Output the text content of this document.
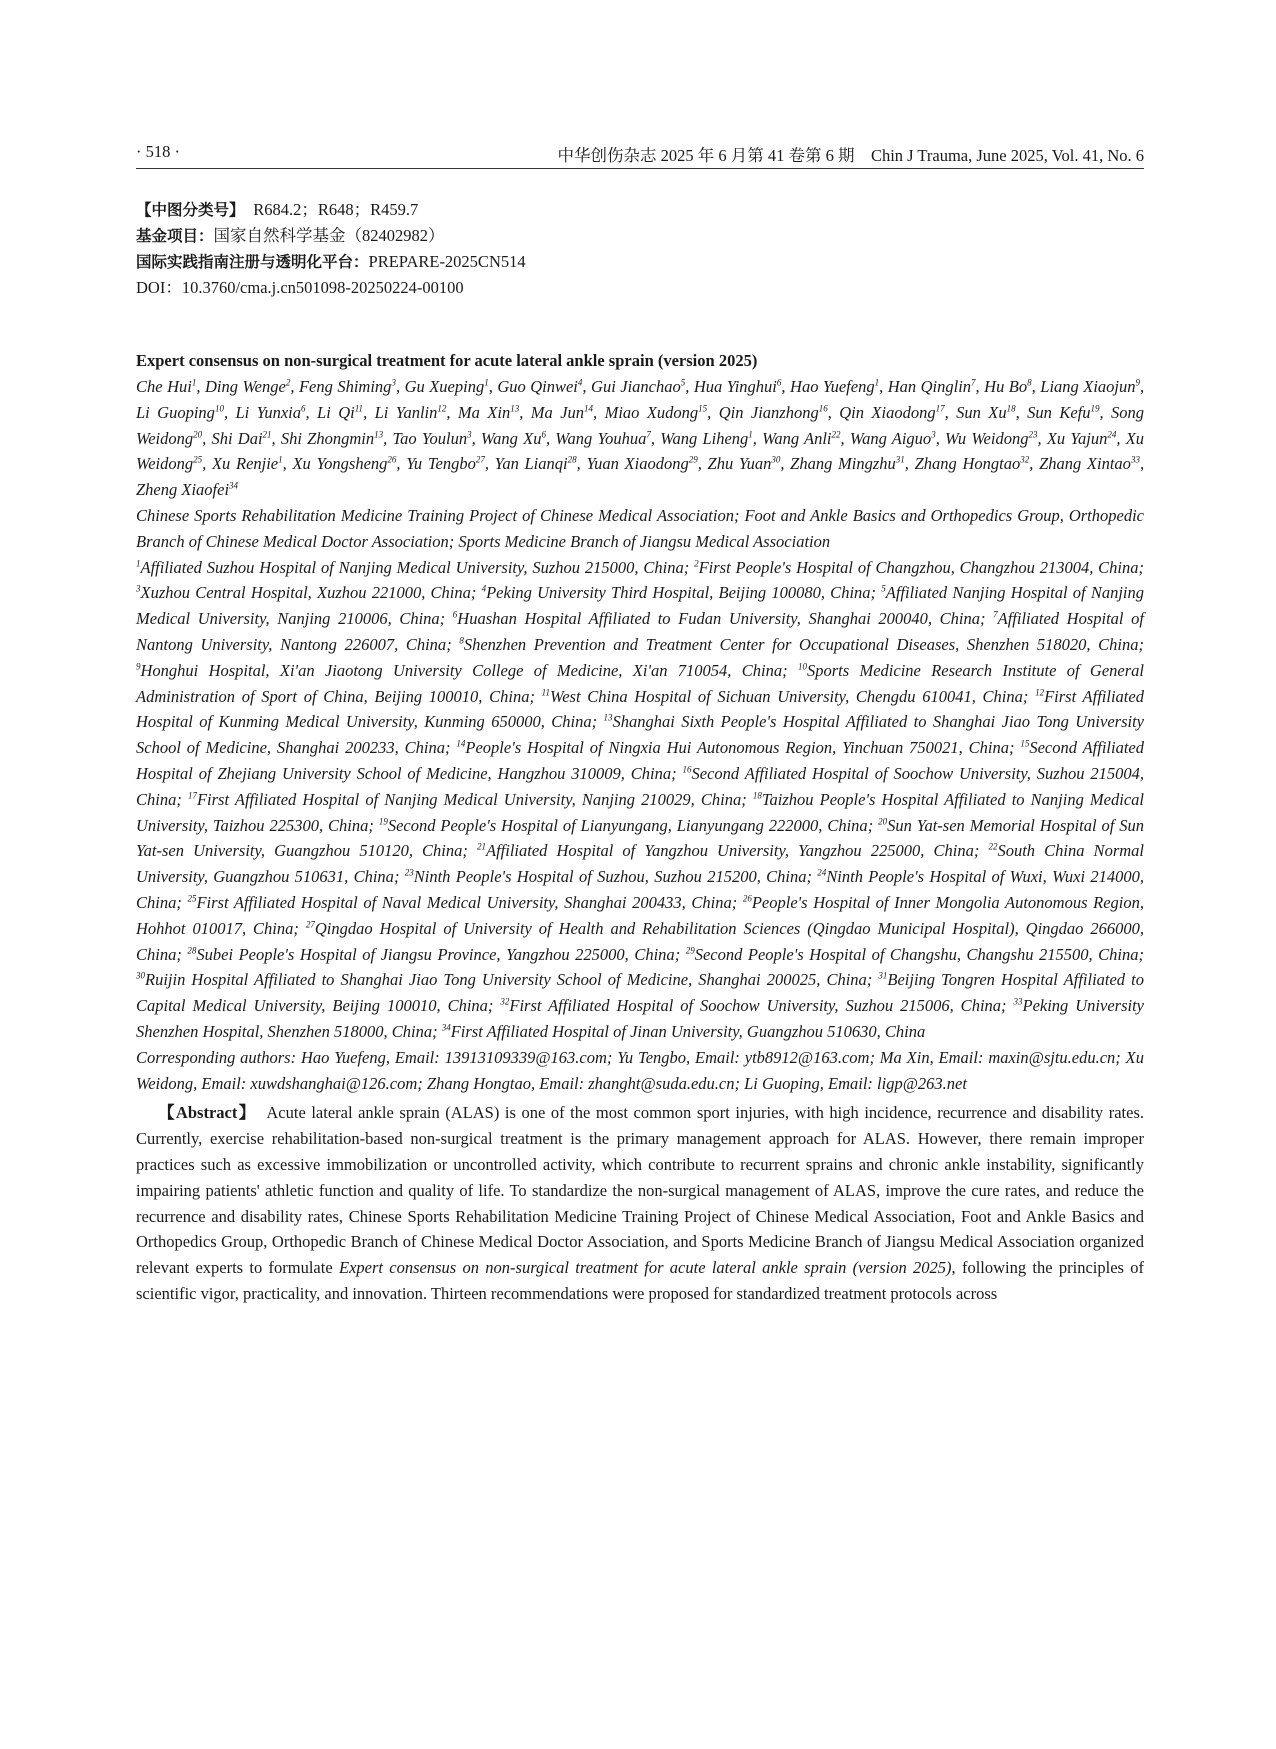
· 518 ·	中华创伤杂志 2025 年 6 月第 41 卷第 6 期　Chin J Trauma, June 2025, Vol. 41, No. 6
【中图分类号】　R684.2；R648；R459.7
基金项目：国家自然科学基金（82402982）
国际实践指南注册与透明化平台：PREPARE-2025CN514
DOI：10.3760/cma.j.cn501098-20250224-00100

Expert consensus on non-surgical treatment for acute lateral ankle sprain (version 2025)

Che Hui$^1$, Ding Wenge$^2$, Feng Shiming$^3$, Gu Xueping$^1$, Guo Qinwei$^4$, Gui Jianchao$^5$, Hua Yinghui$^6$, Hao Yuefeng$^1$, Han Qinglin$^7$, Hu Bo$^8$, Liang Xiaojun$^9$, Li Guoping$^{10}$, Li Yunxia$^6$, Li Qi$^{11}$, Li Yanlin$^{12}$, Ma Xin$^{13}$, Ma Jun$^{14}$, Miao Xudong$^{15}$, Qin Jianzhong$^{16}$, Qin Xiaodong$^{17}$, Sun Xu$^{18}$, Sun Kefu$^{19}$, Song Weidong$^{20}$, Shi Dai$^{21}$, Shi Zhongmin$^{13}$, Tao Youlun$^3$, Wang Xu$^6$, Wang Youhua$^7$, Wang Liheng$^1$, Wang Anli$^{22}$, Wang Aiguo$^3$, Wu Weidong$^{23}$, Xu Yajun$^{24}$, Xu Weidong$^{25}$, Xu Renjie$^1$, Xu Yongsheng$^{26}$, Yu Tengbo$^{27}$, Yan Lianqi$^{28}$, Yuan Xiaodong$^{29}$, Zhu Yuan$^{30}$, Zhang Mingzhu$^{31}$, Zhang Hongtao$^{32}$, Zhang Xintao$^{33}$, Zheng Xiaofei$^{34}$

Chinese Sports Rehabilitation Medicine Training Project of Chinese Medical Association; Foot and Ankle Basics and Orthopedics Group, Orthopedic Branch of Chinese Medical Doctor Association; Sports Medicine Branch of Jiangsu Medical Association

$^1$Affiliated Suzhou Hospital of Nanjing Medical University, Suzhou 215000, China; $^2$First People's Hospital of Changzhou, Changzhou 213004, China; $^3$Xuzhou Central Hospital, Xuzhou 221000, China; $^4$Peking University Third Hospital, Beijing 100080, China; $^5$Affiliated Nanjing Hospital of Nanjing Medical University, Nanjing 210006, China; $^6$Huashan Hospital Affiliated to Fudan University, Shanghai 200040, China; $^7$Affiliated Hospital of Nantong University, Nantong 226007, China; $^8$Shenzhen Prevention and Treatment Center for Occupational Diseases, Shenzhen 518020, China; $^9$Honghui Hospital, Xi'an Jiaotong University College of Medicine, Xi'an 710054, China; $^{10}$Sports Medicine Research Institute of General Administration of Sport of China, Beijing 100010, China; $^{11}$West China Hospital of Sichuan University, Chengdu 610041, China; $^{12}$First Affiliated Hospital of Kunming Medical University, Kunming 650000, China; $^{13}$Shanghai Sixth People's Hospital Affiliated to Shanghai Jiao Tong University School of Medicine, Shanghai 200233, China; $^{14}$People's Hospital of Ningxia Hui Autonomous Region, Yinchuan 750021, China; $^{15}$Second Affiliated Hospital of Zhejiang University School of Medicine, Hangzhou 310009, China; $^{16}$Second Affiliated Hospital of Soochow University, Suzhou 215004, China; $^{17}$First Affiliated Hospital of Nanjing Medical University, Nanjing 210029, China; $^{18}$Taizhou People's Hospital Affiliated to Nanjing Medical University, Taizhou 225300, China; $^{19}$Second People's Hospital of Lianyungang, Lianyungang 222000, China; $^{20}$Sun Yat-sen Memorial Hospital of Sun Yat-sen University, Guangzhou 510120, China; $^{21}$Affiliated Hospital of Yangzhou University, Yangzhou 225000, China; $^{22}$South China Normal University, Guangzhou 510631, China; $^{23}$Ninth People's Hospital of Suzhou, Suzhou 215200, China; $^{24}$Ninth People's Hospital of Wuxi, Wuxi 214000, China; $^{25}$First Affiliated Hospital of Naval Medical University, Shanghai 200433, China; $^{26}$People's Hospital of Inner Mongolia Autonomous Region, Hohhot 010017, China; $^{27}$Qingdao Hospital of University of Health and Rehabilitation Sciences (Qingdao Municipal Hospital), Qingdao 266000, China; $^{28}$Subei People's Hospital of Jiangsu Province, Yangzhou 225000, China; $^{29}$Second People's Hospital of Changshu, Changshu 215500, China; $^{30}$Ruijin Hospital Affiliated to Shanghai Jiao Tong University School of Medicine, Shanghai 200025, China; $^{31}$Beijing Tongren Hospital Affiliated to Capital Medical University, Beijing 100010, China; $^{32}$First Affiliated Hospital of Soochow University, Suzhou 215006, China; $^{33}$Peking University Shenzhen Hospital, Shenzhen 518000, China; $^{34}$First Affiliated Hospital of Jinan University, Guangzhou 510630, China

Corresponding authors: Hao Yuefeng, Email: 13913109339@163.com; Yu Tengbo, Email: ytb8912@163.com; Ma Xin, Email: maxin@sjtu.edu.cn; Xu Weidong, Email: xuwdshanghai@126.com; Zhang Hongtao, Email: zhanght@suda.edu.cn; Li Guoping, Email: ligp@263.net

【Abstract】　Acute lateral ankle sprain (ALAS) is one of the most common sport injuries, with high incidence, recurrence and disability rates. Currently, exercise rehabilitation-based non-surgical treatment is the primary management approach for ALAS. However, there remain improper practices such as excessive immobilization or uncontrolled activity, which contribute to recurrent sprains and chronic ankle instability, significantly impairing patients' athletic function and quality of life. To standardize the non-surgical management of ALAS, improve the cure rates, and reduce the recurrence and disability rates, Chinese Sports Rehabilitation Medicine Training Project of Chinese Medical Association, Foot and Ankle Basics and Orthopedics Group, Orthopedic Branch of Chinese Medical Doctor Association, and Sports Medicine Branch of Jiangsu Medical Association organized relevant experts to formulate Expert consensus on non-surgical treatment for acute lateral ankle sprain (version 2025), following the principles of scientific vigor, practicality, and innovation. Thirteen recommendations were proposed for standardized treatment protocols across
